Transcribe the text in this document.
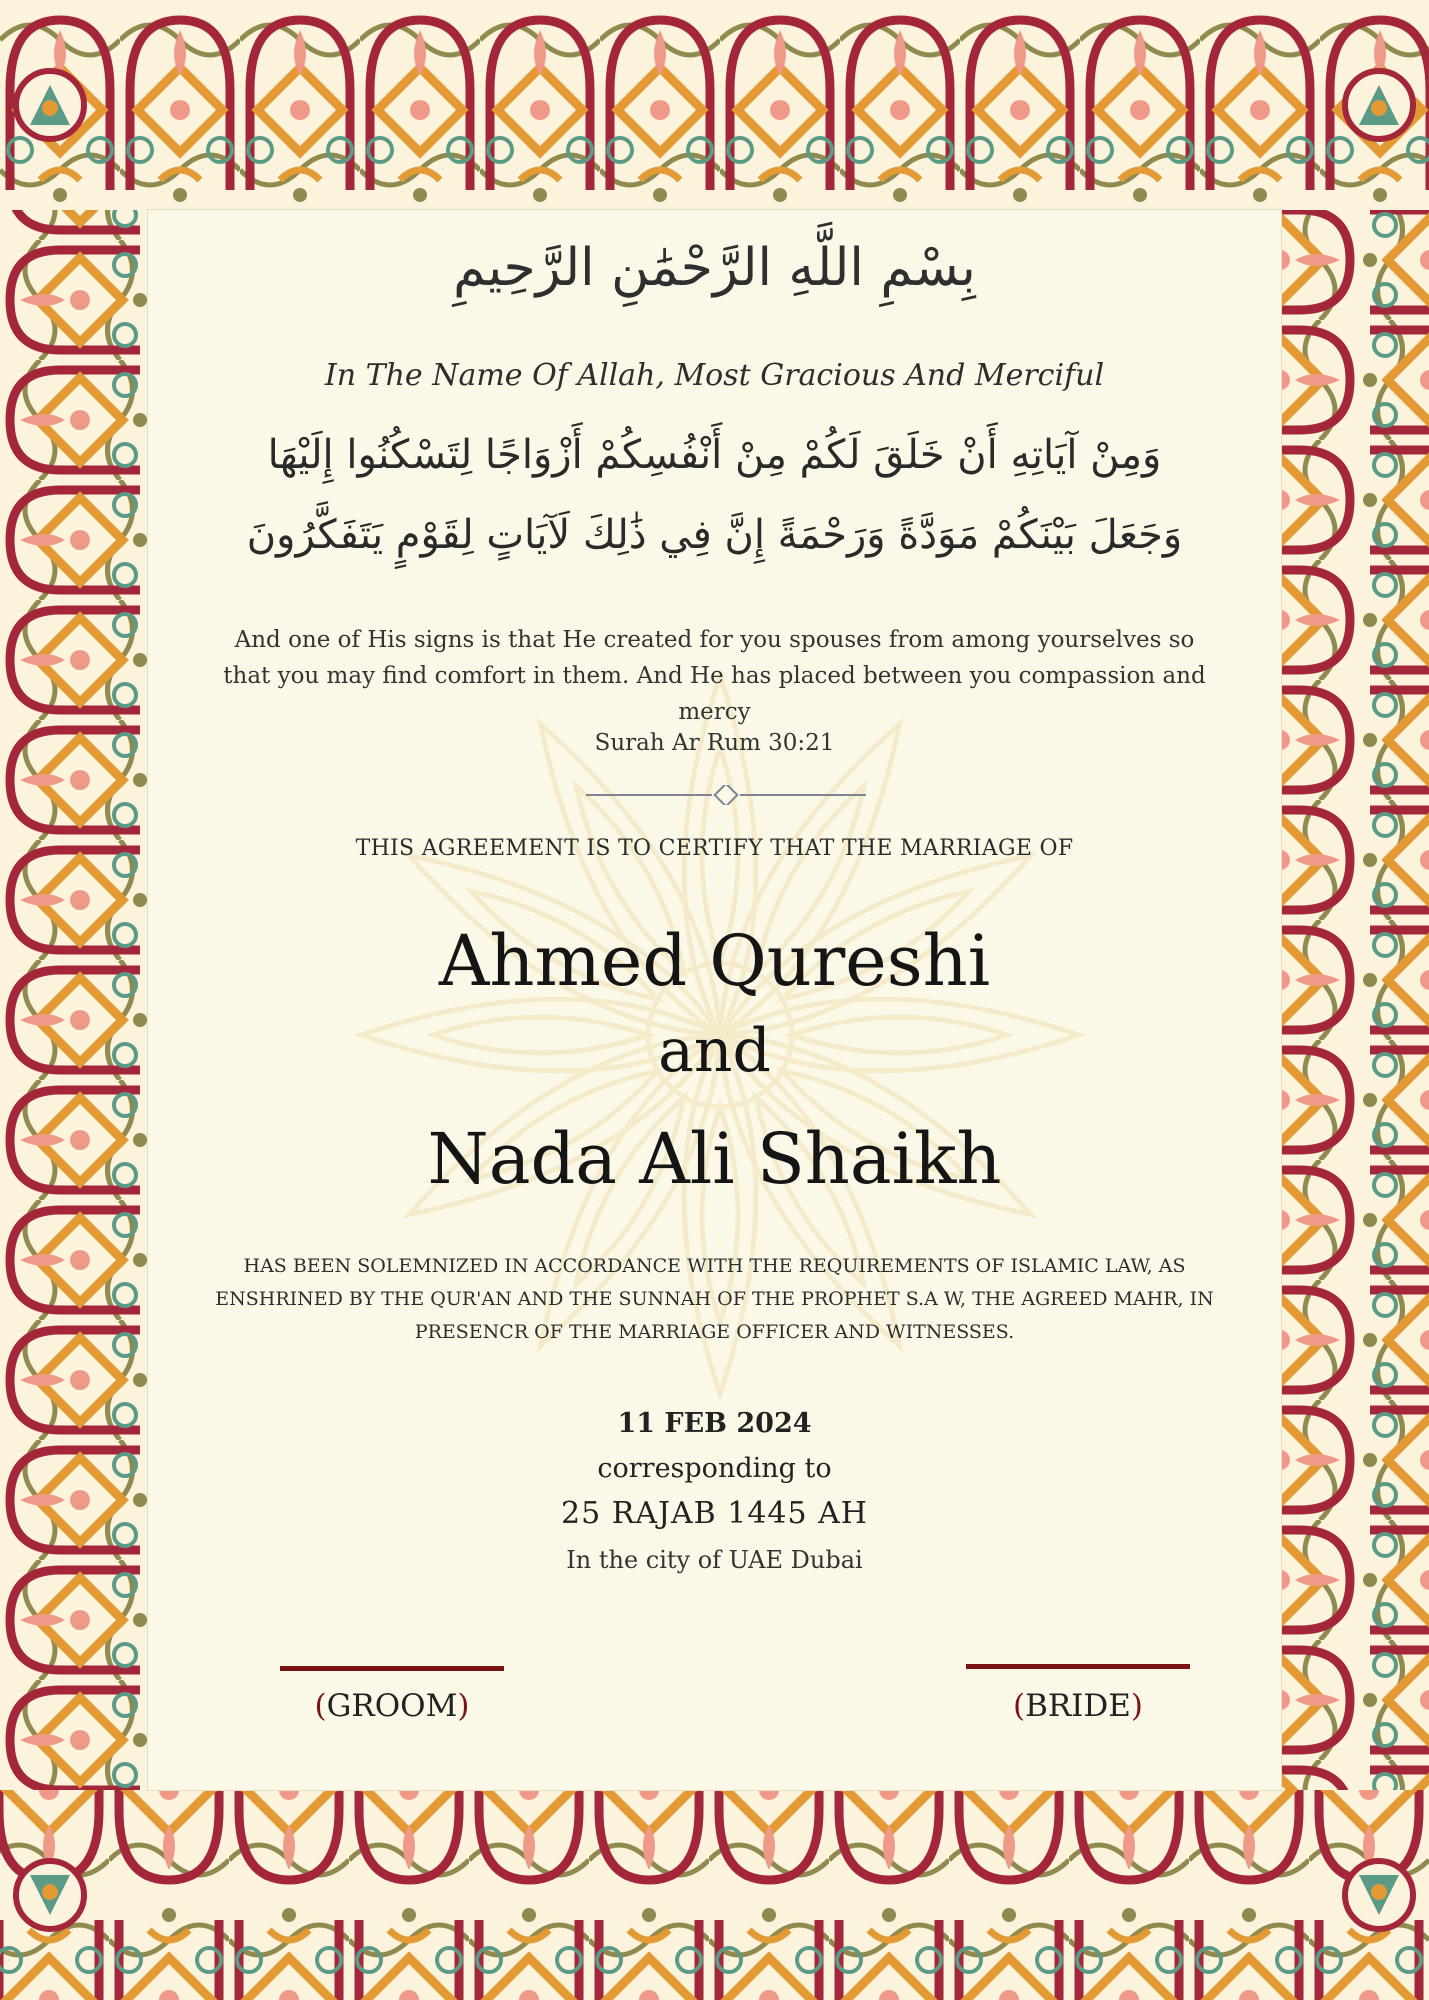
بِسْمِ اللَّهِ الرَّحْمَٰنِ الرَّحِيمِ
In The Name Of Allah, Most Gracious And Merciful
وَمِنْ آيَاتِهِ أَنْ خَلَقَ لَكُمْ مِنْ أَنْفُسِكُمْ أَزْوَاجًا لِتَسْكُنُوا إِلَيْهَا
وَجَعَلَ بَيْنَكُمْ مَوَدَّةً وَرَحْمَةً إِنَّ فِي ذَٰلِكَ لَآيَاتٍ لِقَوْمٍ يَتَفَكَّرُونَ
And one of His signs is that He created for you spouses from among yourselves so that you may find comfort in them. And He has placed between you compassion and mercy
Surah Ar Rum 30:21
THIS AGREEMENT IS TO CERTIFY THAT THE MARRIAGE OF
Ahmed Qureshi
and
Nada Ali Shaikh
HAS BEEN SOLEMNIZED IN ACCORDANCE WITH THE REQUIREMENTS OF ISLAMIC LAW, AS ENSHRINED BY THE QUR'AN AND THE SUNNAH OF THE PROPHET S.A W, THE AGREED MAHR, IN PRESENCR OF THE MARRIAGE OFFICER AND WITNESSES.
11 FEB 2024
corresponding to
25 RAJAB 1445 AH
In the city of UAE Dubai
(GROOM)	(BRIDE)
